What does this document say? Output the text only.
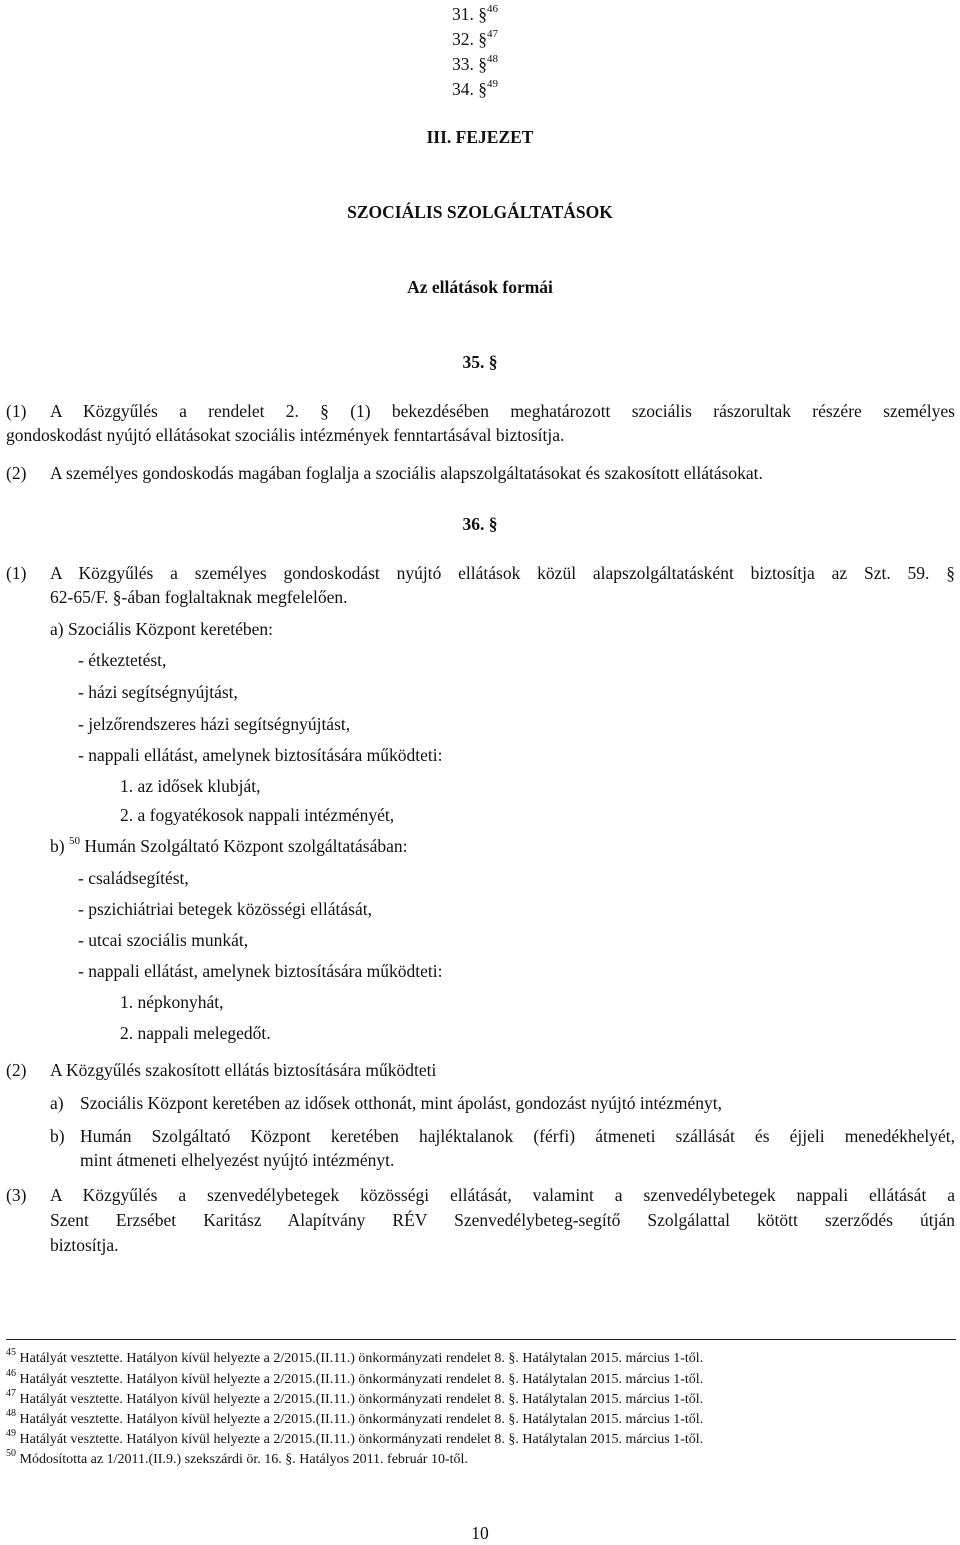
31. §$^{46}$
32. §$^{47}$
33. §$^{48}$
34. §$^{49}$
III. FEJEZET
SZOCIÁLIS SZOLGÁLTATÁSOK
Az ellátások formái
35. §
(1) A Közgyűlés a rendelet 2. § (1) bekezdésében meghatározott szociális rászorultak részére személyes
gondoskodást nyújtó ellátásokat szociális intézmények fenntartásával biztosítja.
(2) A személyes gondoskodás magában foglalja a szociális alapszolgáltatásokat és szakosított ellátásokat.
36. §
(1) A Közgyűlés a személyes gondoskodást nyújtó ellátások közül alapszolgáltatásként biztosítja az Szt. 59. §
62-65/F. §-ában foglaltaknak megfelelően.
a) Szociális Központ keretében:
- étkeztetést,
- házi segítségnyújtást,
- jelzőrendszeres házi segítségnyújtást,
- nappali ellátást, amelynek biztosítására működteti:
1. az idősek klubját,
2. a fogyatékosok nappali intézményét,
b) $^{50}$ Humán Szolgáltató Központ szolgáltatásában:
- családsegítést,
- pszichiátriai betegek közösségi ellátását,
- utcai szociális munkát,
- nappali ellátást, amelynek biztosítására működteti:
1. népkonyhát,
2. nappali melegedőt.
(2) A Közgyűlés szakosított ellátás biztosítására működteti
a) Szociális Központ keretében az idősek otthonát, mint ápolást, gondozást nyújtó intézményt,
b) Humán Szolgáltató Központ keretében hajléktalanok (férfi) átmeneti szállását és éjjeli menedékhelyét,
mint átmeneti elhelyezést nyújtó intézményt.
(3) A Közgyűlés a szenvedélybetegek közösségi ellátását, valamint a szenvedélybetegek nappali ellátását a
Szent Erzsébet Karitász Alapítvány RÉV Szenvedélybeteg-segítő Szolgálattal kötött szerződés útján
biztosítja.
$^{45}$ Hatályát vesztette. Hatályon kívül helyezte a 2/2015.(II.11.) önkormányzati rendelet 8. §. Hatálytalan 2015. március 1-től.
$^{46}$ Hatályát vesztette. Hatályon kívül helyezte a 2/2015.(II.11.) önkormányzati rendelet 8. §. Hatálytalan 2015. március 1-től.
$^{47}$ Hatályát vesztette. Hatályon kívül helyezte a 2/2015.(II.11.) önkormányzati rendelet 8. §. Hatálytalan 2015. március 1-től.
$^{48}$ Hatályát vesztette. Hatályon kívül helyezte a 2/2015.(II.11.) önkormányzati rendelet 8. §. Hatálytalan 2015. március 1-től.
$^{49}$ Hatályát vesztette. Hatályon kívül helyezte a 2/2015.(II.11.) önkormányzati rendelet 8. §. Hatálytalan 2015. március 1-től.
$^{50}$ Módosította az 1/2011.(II.9.) szekszárdi ör. 16. §. Hatályos 2011. február 10-től.
10
